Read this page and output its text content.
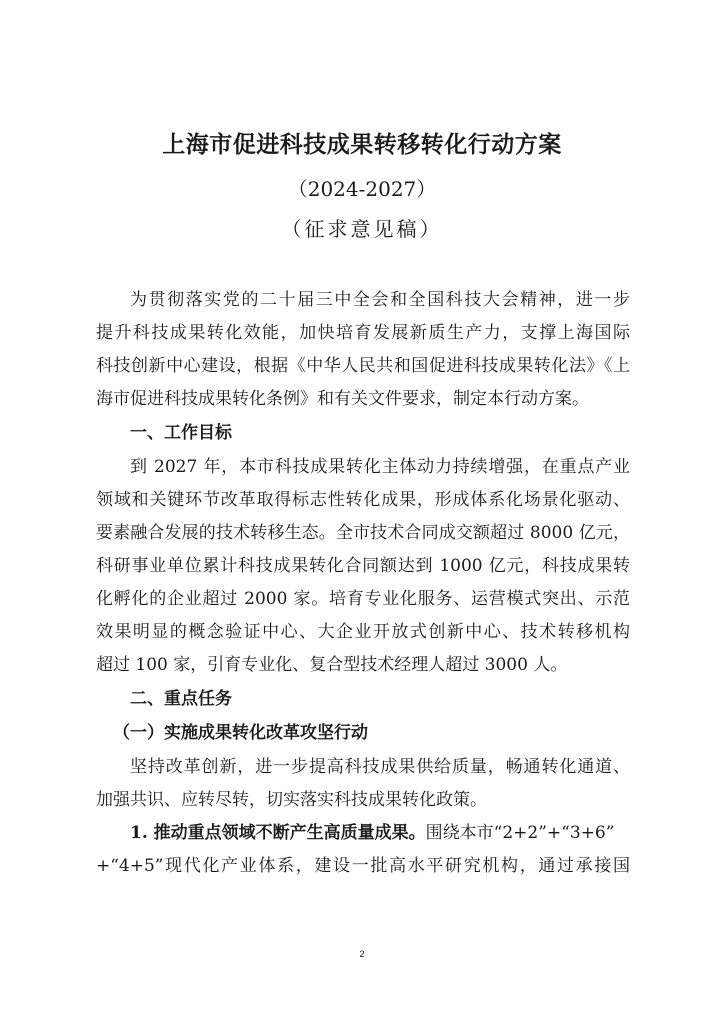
上海市促进科技成果转移转化行动方案
（2024-2027）
（征求意见稿）
为贯彻落实党的二十届三中全会和全国科技大会精神，进一步
提升科技成果转化效能，加快培育发展新质生产力，支撑上海国际
科技创新中心建设，根据《中华人民共和国促进科技成果转化法》《上
海市促进科技成果转化条例》和有关文件要求，制定本行动方案。
一、工作目标
到 2027 年，本市科技成果转化主体动力持续增强，在重点产业
领域和关键环节改革取得标志性转化成果，形成体系化场景化驱动、
要素融合发展的技术转移生态。全市技术合同成交额超过 8000 亿元，
科研事业单位累计科技成果转化合同额达到 1000 亿元，科技成果转
化孵化的企业超过 2000 家。培育专业化服务、运营模式突出、示范
效果明显的概念验证中心、大企业开放式创新中心、技术转移机构
超过 100 家，引育专业化、复合型技术经理人超过 3000 人。
二、重点任务
（一）实施成果转化改革攻坚行动
坚持改革创新，进一步提高科技成果供给质量，畅通转化通道、
加强共识、应转尽转，切实落实科技成果转化政策。
1. 推动重点领域不断产生高质量成果。围绕本市“2+2”+“3+6”
+“4+5”现代化产业体系，建设一批高水平研究机构，通过承接国
2
